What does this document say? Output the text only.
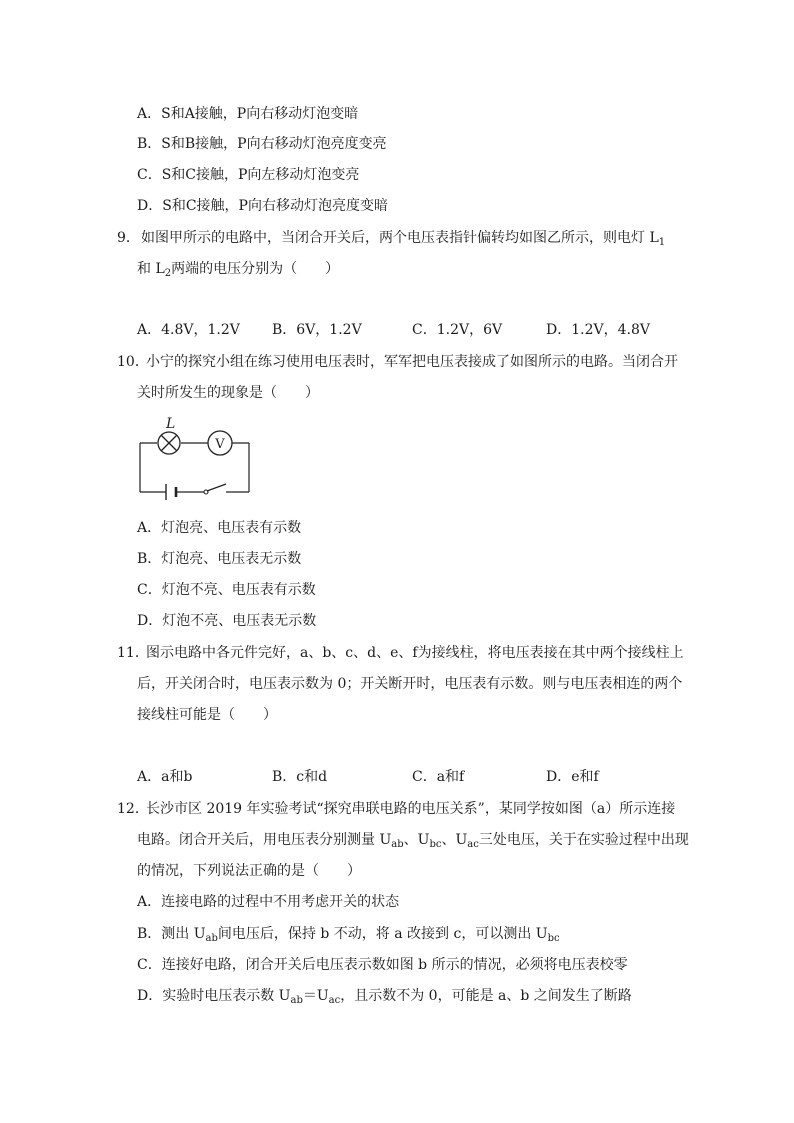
A．S和A接触，P向右移动灯泡变暗
B．S和B接触，P向右移动灯泡亮度变亮
C．S和C接触，P向左移动灯泡变亮
D．S和C接触，P向右移动灯泡亮度变暗
9． 如图甲所示的电路中，当闭合开关后，两个电压表指针偏转均如图乙所示，则电灯 $L_1$
和 $L_2$两端的电压分别为（　　）
A．4.8V，1.2V B．6V，1.2V	C．1.2V，6V	D．1.2V，4.8V
10．
小宁的探究小组在练习使用电压表时，军军把电压表接成了如图所示的电路。当闭合开
关时所发生的现象是（　　）
L
V
A．灯泡亮、电压表有示数
B．灯泡亮、电压表无示数
C．灯泡不亮、电压表有示数
D．灯泡不亮、电压表无示数
11．
图示电路中各元件完好，a、b、c、d、e、f为接线柱，将电压表接在其中两个接线柱上
后，开关闭合时，电压表示数为 0；开关断开时，电压表有示数。则与电压表相连的两个
接线柱可能是（　　）
A．a和b	B．c和d	C．a和f	D．e和f
12．
长沙市区 2019 年实验考试“探究串联电路的电压关系”，某同学按如图（a）所示连接
电路。闭合开关后，用电压表分别测量 $U_{ab}$、$U_{bc}$、$U_{ac}$三处电压，关于在实验过程中出现
的情况，下列说法正确的是（　　）
A．连接电路的过程中不用考虑开关的状态
B．测出 $U_{ab}$间电压后，保持 b 不动，将 a 改接到 c，可以测出 $U_{bc}$
C．连接好电路，闭合开关后电压表示数如图 b 所示的情况，必须将电压表校零
D．实验时电压表示数 $U_{ab}=U_{ac}$，且示数不为 0，可能是 a、b 之间发生了断路
